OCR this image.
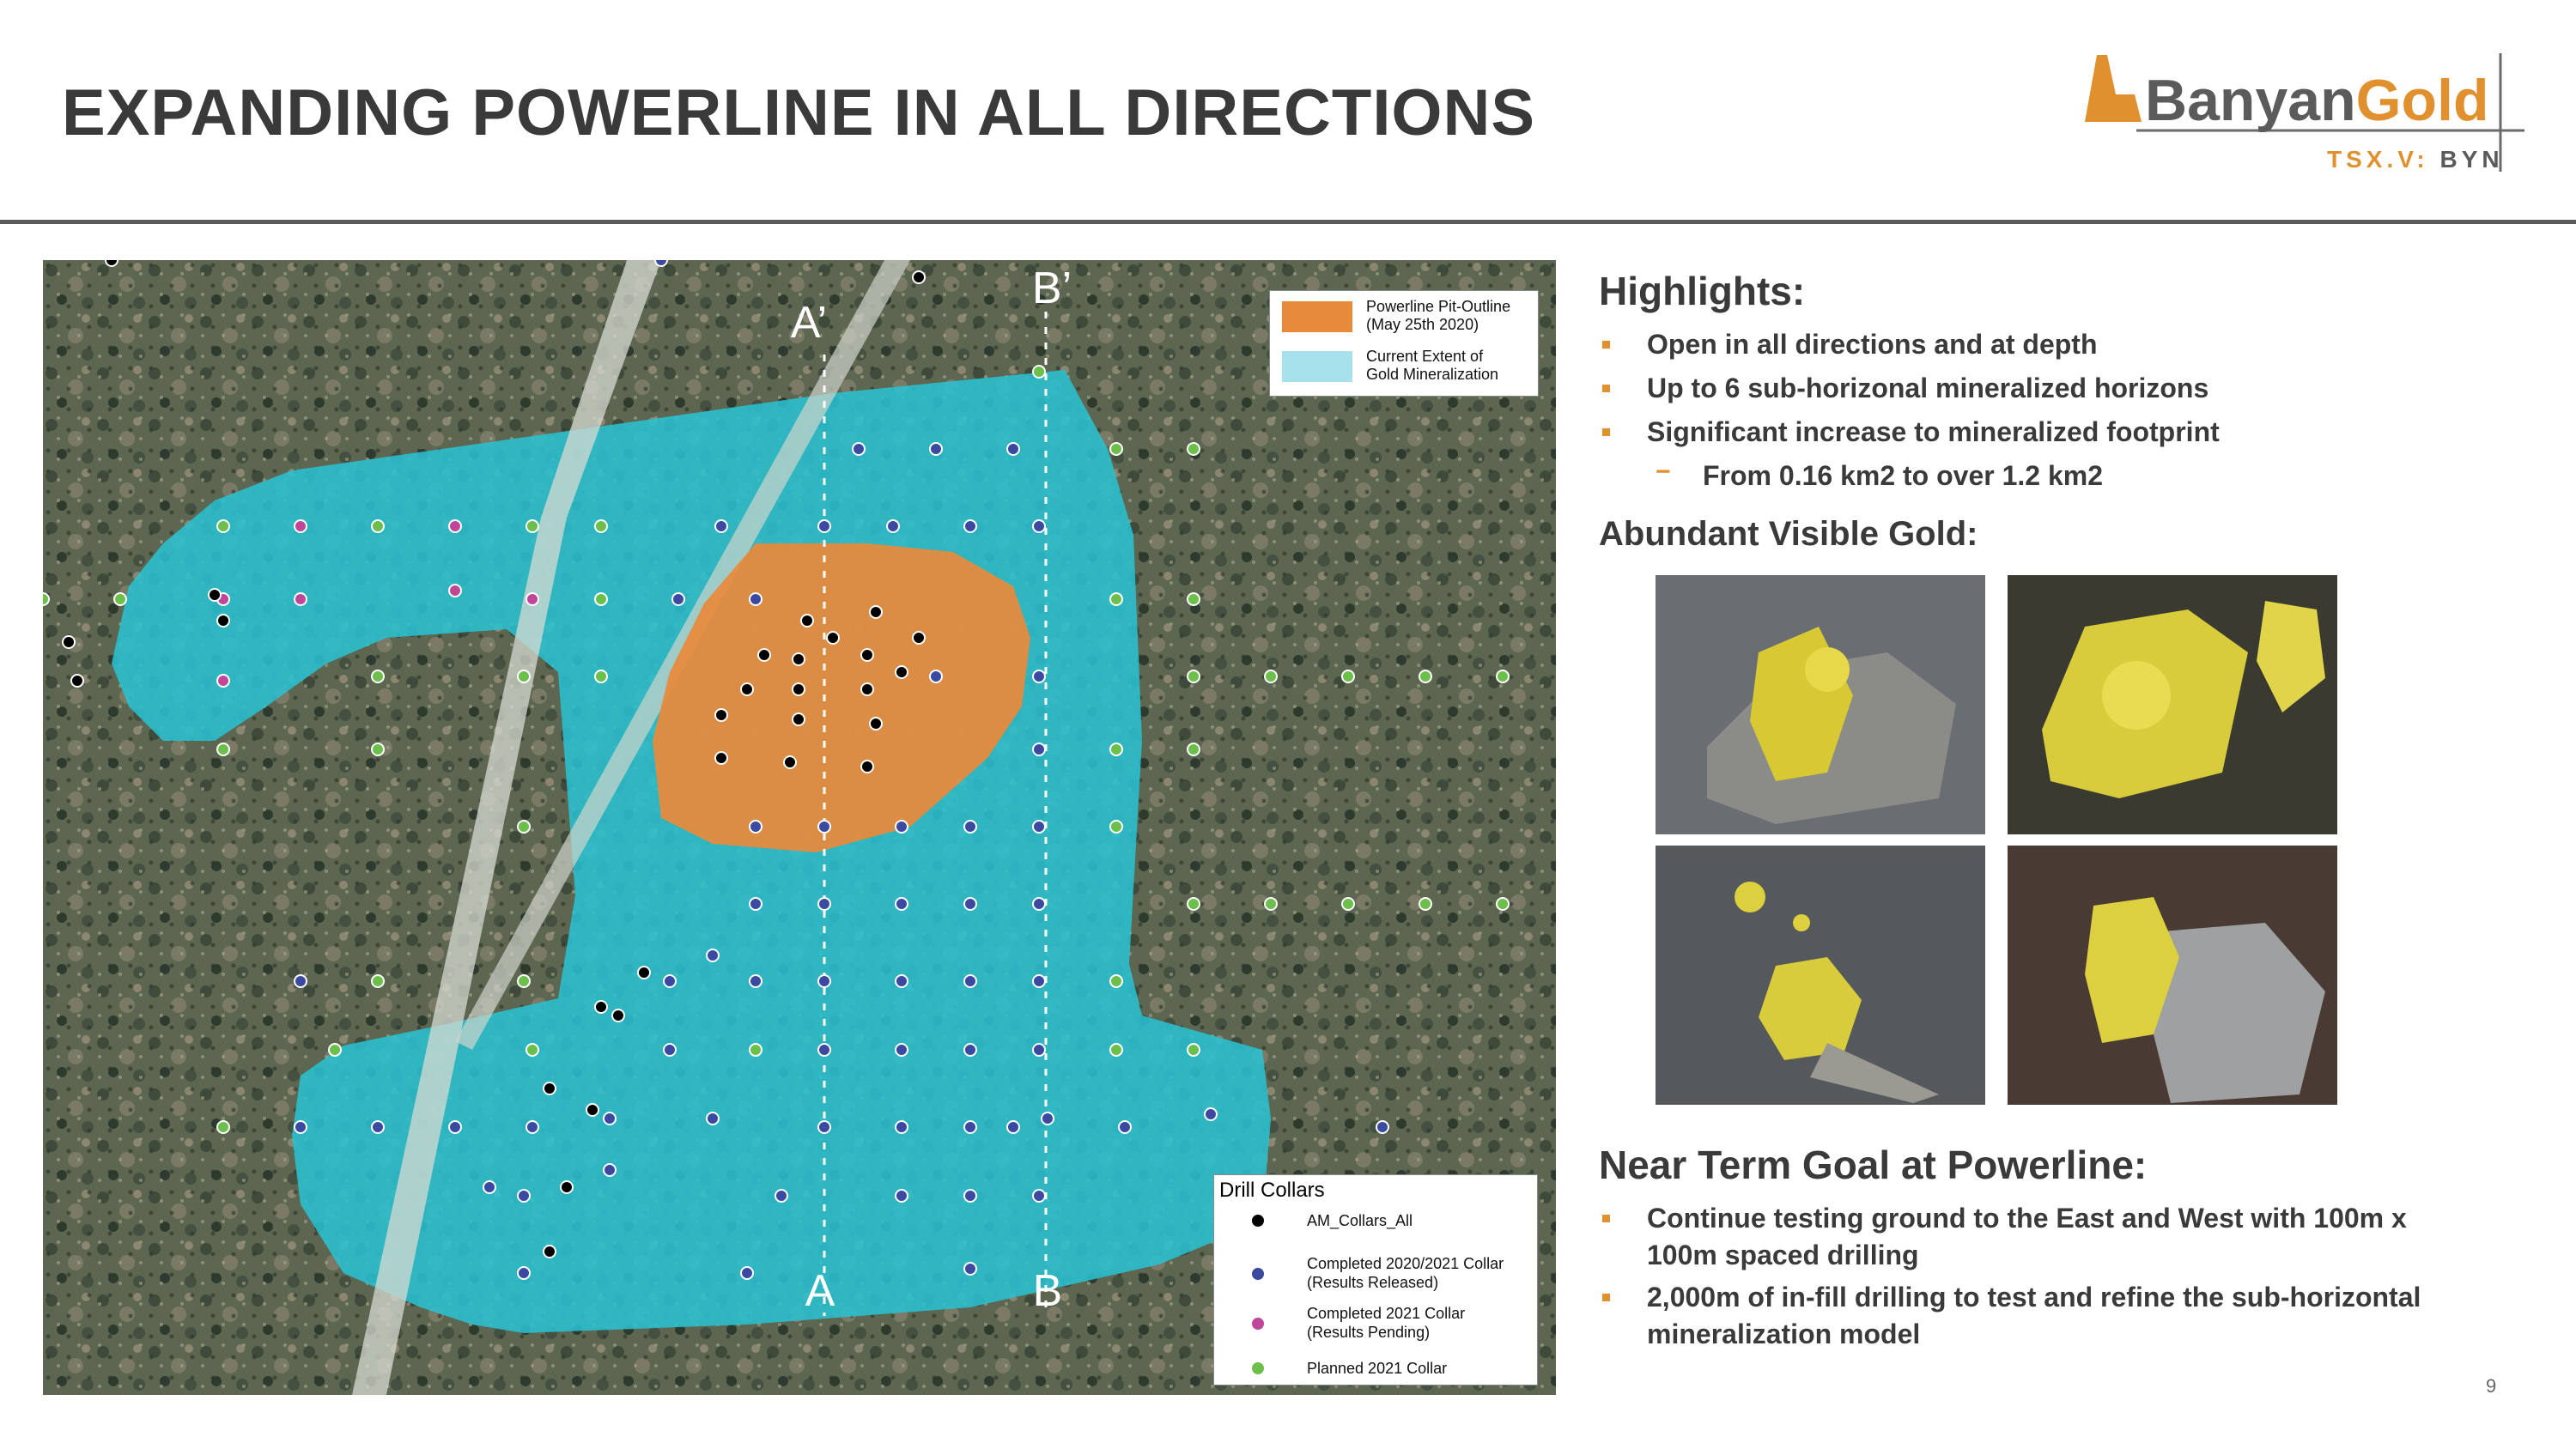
EXPANDING POWERLINE IN ALL DIRECTIONS	BanyanGold
TSX.V: BYN
A’
B’
A	B
Powerline Pit-Outline
(May 25th 2020)
Current Extent of
Gold Mineralization
Drill Collars
AM_Collars_All
Completed 2020/2021 Collar
(Results Released)
Completed 2021 Collar
(Results Pending)
Planned 2021 Collar
Highlights:
Open in all directions and at depth
Up to 6 sub-horizonal mineralized horizons
Significant increase to mineralized footprint
− From 0.16 km2 to over 1.2 km2
Abundant Visible Gold:
Near Term Goal at Powerline:
Continue testing ground to the East and West with 100m x
100m spaced drilling
2,000m of in-fill drilling to test and refine the sub-horizontal
mineralization model
9
